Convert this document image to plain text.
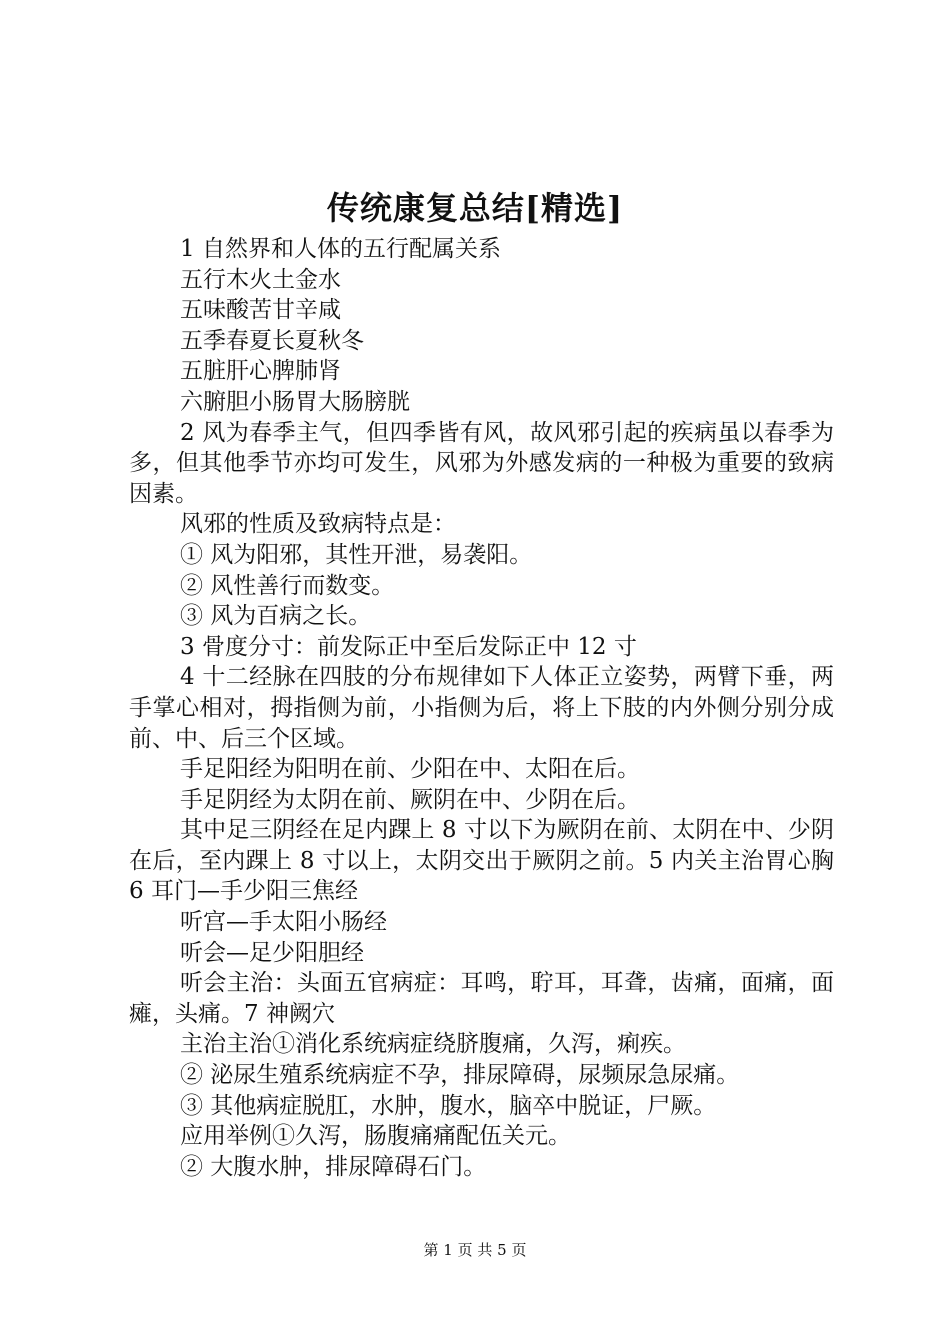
传统康复总结[精选]

1 自然界和人体的五行配属关系

五行木火土金水

五味酸苦甘辛咸

五季春夏长夏秋冬

五脏肝心脾肺肾

六腑胆小肠胃大肠膀胱

2 风为春季主气，但四季皆有风，故风邪引起的疾病虽以春季为多，但其他季节亦均可发生，风邪为外感发病的一种极为重要的致病因素。

风邪的性质及致病特点是：

① 风为阳邪，其性开泄，易袭阳。

② 风性善行而数变。

③ 风为百病之长。

3 骨度分寸：前发际正中至后发际正中 12 寸

4 十二经脉在四肢的分布规律如下人体正立姿势，两臂下垂，两手掌心相对，拇指侧为前，小指侧为后，将上下肢的内外侧分别分成前、中、后三个区域。

手足阳经为阳明在前、少阳在中、太阳在后。

手足阴经为太阴在前、厥阴在中、少阴在后。

其中足三阴经在足内踝上 8 寸以下为厥阴在前、太阴在中、少阴在后，至内踝上 8 寸以上，太阴交出于厥阴之前。5 内关主治胃心胸 6 耳门—手少阳三焦经

听宫—手太阳小肠经

听会—足少阳胆经

听会主治：头面五官病症：耳鸣，聍耳，耳聋，齿痛，面痛，面瘫，头痛。7 神阙穴

主治主治①消化系统病症绕脐腹痛，久泻，痢疾。

② 泌尿生殖系统病症不孕，排尿障碍，尿频尿急尿痛。

③ 其他病症脱肛，水肿，腹水，脑卒中脱证，尸厥。

应用举例①久泻，肠腹痛痛配伍关元。

② 大腹水肿，排尿障碍石门。

第 1 页 共 5 页
